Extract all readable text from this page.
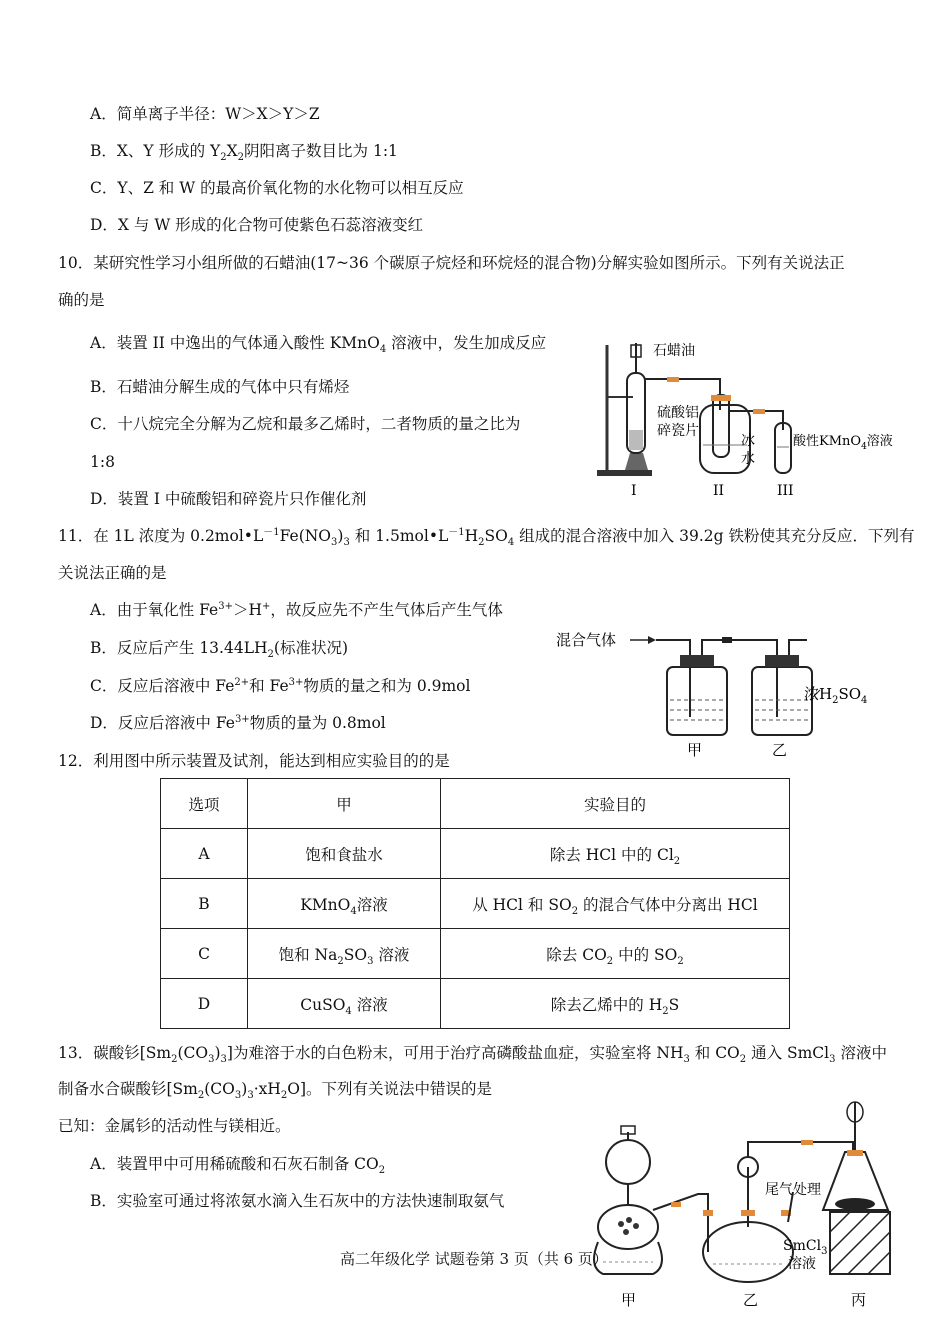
A．简单离子半径：W＞X＞Y＞Z
B．X、Y 形成的 $Y_2X_2$阴阳离子数目比为 1:1
C．Y、Z 和 W 的最高价氧化物的水化物可以相互反应
D．X 与 W 形成的化合物可使紫色石蕊溶液变红
10．某研究性学习小组所做的石蜡油(17~36 个碳原子烷烃和环烷烃的混合物)分解实验如图所示。下列有关说法正
确的是
A．装置 II 中逸出的气体通入酸性 KMnO$_4$ 溶液中，发生加成反应
B．石蜡油分解生成的气体中只有烯烃
C．十八烷完全分解为乙烷和最多乙烯时，二者物质的量之比为
1:8
D．装置 I 中硫酸铝和碎瓷片只作催化剂
石蜡油
硫酸铝
碎瓷片
冰
水
酸性KMnO$_4$溶液
I	II	III
11．在 1L 浓度为 $0.2mol•L^{-1}Fe(NO_3)_3$ 和 $1.5mol•L^{-1}H_2SO_4$ 组成的混合溶液中加入 39.2g 铁粉使其充分反应．下列有
关说法正确的是
A．由于氧化性 $Fe^{3+}>H^+$，故反应先不产生气体后产生气体
B．反应后产生 $13.44LH_2$(标准状况)
C．反应后溶液中 $Fe^{2+}$和 $Fe^{3+}$物质的量之和为 0.9mol
D．反应后溶液中 $Fe^{3+}$物质的量为 0.8mol
混合气体
浓$H_2SO_4$
甲	乙
12．利用图中所示装置及试剂，能达到相应实验目的的是
选项	甲	实验目的
A	饱和食盐水	除去 HCl 中的 $Cl_2$
B	KMnO$_4$溶液	从 HCl 和 $SO_2$ 的混合气体中分离出 HCl
C	饱和 $Na_2SO_3$ 溶液	除去 $CO_2$ 中的 $SO_2$
D	CuSO$_4$ 溶液	除去乙烯中的 $H_2S$
13．碳酸钐$[Sm_2(CO_3)_3]$为难溶于水的白色粉末，可用于治疗高磷酸盐血症，实验室将 $NH_3$ 和 $CO_2$ 通入 SmCl$_3$ 溶液中
制备水合碳酸钐$[Sm_2(CO_3)_3\cdot xH_2O]$。下列有关说法中错误的是
已知：金属钐的活动性与镁相近。
A．装置甲中可用稀硫酸和石灰石制备 $CO_2$
B．实验室可通过将浓氨水滴入生石灰中的方法快速制取氨气
尾气处理
SmCl$_3$
溶液
甲	乙	丙
高二年级化学 试题卷第 3 页（共 6 页）
